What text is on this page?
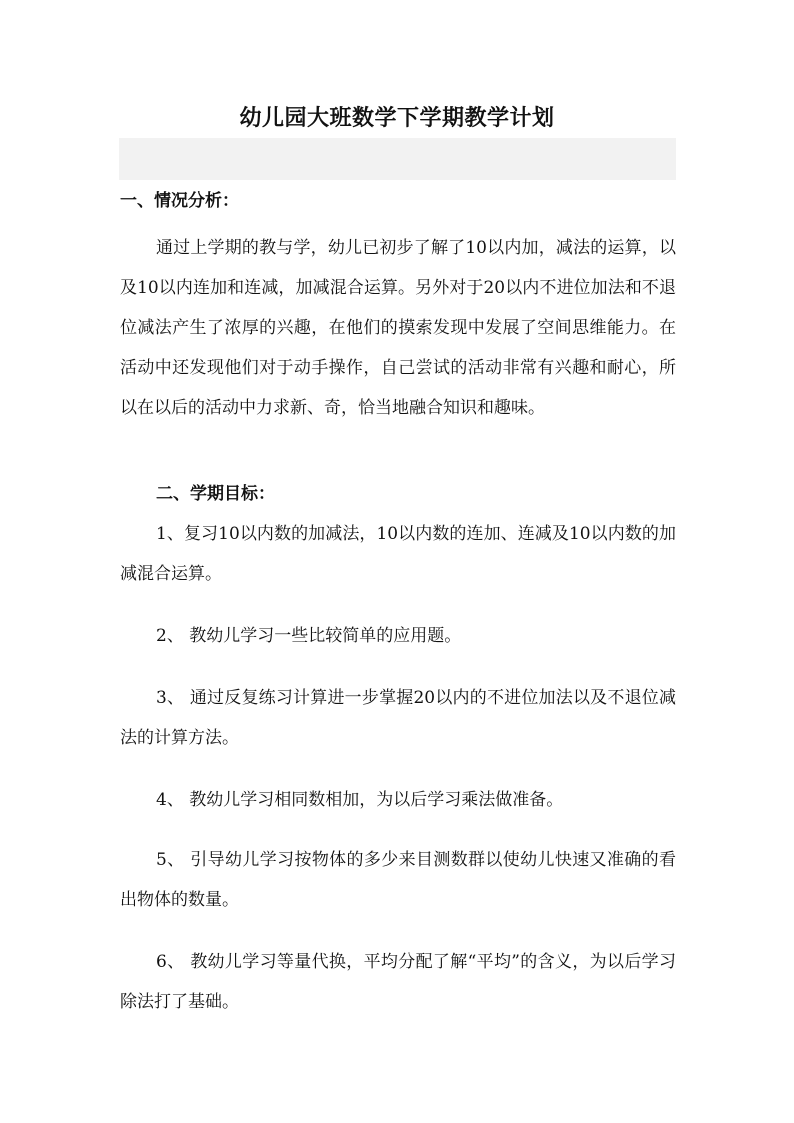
幼儿园大班数学下学期教学计划
一、情况分析：

通过上学期的教与学，幼儿已初步了解了10以内加，减法的运算，以及10以内连加和连减，加减混合运算。另外对于20以内不进位加法和不退位减法产生了浓厚的兴趣，在他们的摸索发现中发展了空间思维能力。在活动中还发现他们对于动手操作，自己尝试的活动非常有兴趣和耐心，所以在以后的活动中力求新、奇，恰当地融合知识和趣味。

二、学期目标：

1、复习10以内数的加减法，10以内数的连加、连减及10以内数的加减混合运算。

2、 教幼儿学习一些比较简单的应用题。

3、 通过反复练习计算进一步掌握20以内的不进位加法以及不退位减法的计算方法。

4、 教幼儿学习相同数相加，为以后学习乘法做准备。

5、 引导幼儿学习按物体的多少来目测数群以使幼儿快速又准确的看出物体的数量。

6、 教幼儿学习等量代换，平均分配了解“平均”的含义，为以后学习除法打了基础。
